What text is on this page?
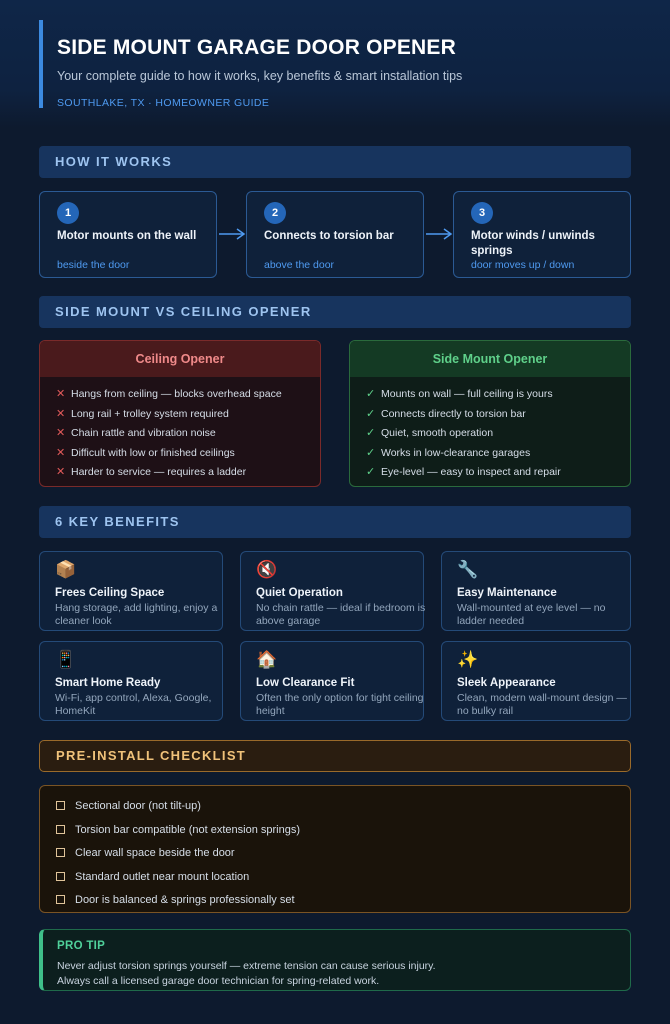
SIDE MOUNT GARAGE DOOR OPENER
Your complete guide to how it works, key benefits & smart installation tips
SOUTHLAKE, TX · HOMEOWNER GUIDE
HOW IT WORKS
1
Motor mounts on the wall
beside the door
2
Connects to torsion bar
above the door
3
Motor winds / unwinds springs
door moves up / down
SIDE MOUNT VS CEILING OPENER
Ceiling Opener
✕ Hangs from ceiling — blocks overhead space
✕ Long rail + trolley system required
✕ Chain rattle and vibration noise
✕ Difficult with low or finished ceilings
✕ Harder to service — requires a ladder
Side Mount Opener
✓ Mounts on wall — full ceiling is yours
✓ Connects directly to torsion bar
✓ Quiet, smooth operation
✓ Works in low-clearance garages
✓ Eye-level — easy to inspect and repair
6 KEY BENEFITS
📦
Frees Ceiling Space
Hang storage, add lighting, enjoy a cleaner look
🔇
Quiet Operation
No chain rattle — ideal if bedroom is above garage
🔧
Easy Maintenance
Wall-mounted at eye level — no ladder needed
📱
Smart Home Ready
Wi-Fi, app control, Alexa, Google, HomeKit
🏠
Low Clearance Fit
Often the only option for tight ceiling height
✨
Sleek Appearance
Clean, modern wall-mount design — no bulky rail
PRE-INSTALL CHECKLIST
Sectional door (not tilt-up)
Torsion bar compatible (not extension springs)
Clear wall space beside the door
Standard outlet near mount location
Door is balanced & springs professionally set
PRO TIP
Never adjust torsion springs yourself — extreme tension can cause serious injury.
Always call a licensed garage door technician for spring-related work.
